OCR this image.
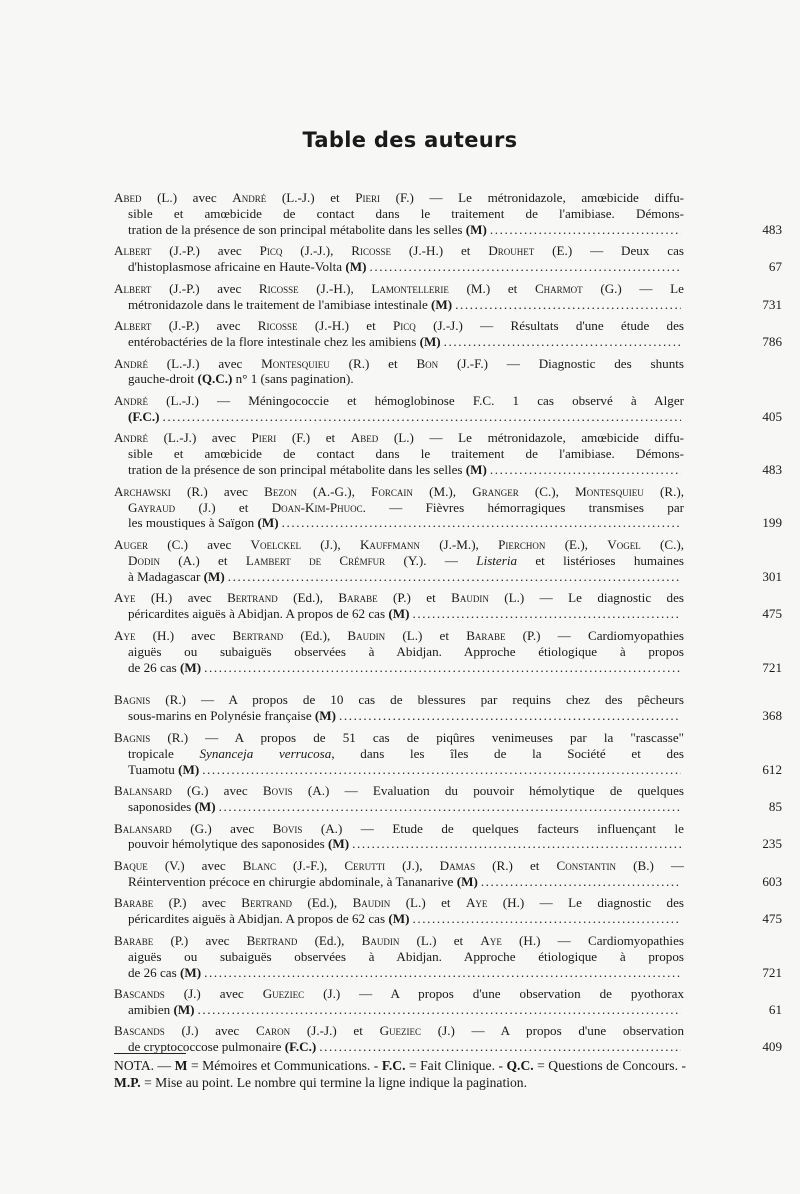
Table des auteurs
Abed (L.) avec André (L.-J.) et Pieri (F.) — Le métronidazole, amœbicide diffu-
sible et amœbicide de contact dans le traitement de l'amibiase. Démons-
tration de la présence de son principal métabolite dans les selles (M) .....	483
Albert (J.-P.) avec Picq (J.-J.), Ricosse (J.-H.) et Drouhet (E.) — Deux cas
d'histoplasmose africaine en Haute-Volta (M) .....	67
Albert (J.-P.) avec Ricosse (J.-H.), Lamontellerie (M.) et Charmot (G.) — Le
métronidazole dans le traitement de l'amibiase intestinale (M) .....	731
Albert (J.-P.) avec Ricosse (J.-H.) et Picq (J.-J.) — Résultats d'une étude des
entérobactéries de la flore intestinale chez les amibiens (M) .....	786
André (L.-J.) avec Montesquieu (R.) et Bon (J.-F.) — Diagnostic des shunts
gauche-droit (Q.C.) n° 1 (sans pagination).
André (L.-J.) — Méningococcie et hémoglobinose F.C. 1 cas observé à Alger
(F.C.) .....	405
André (L.-J.) avec Pieri (F.) et Abed (L.) — Le métronidazole, amœbicide diffu-
sible et amœbicide de contact dans le traitement de l'amibiase. Démons-
tration de la présence de son principal métabolite dans les selles (M) .....	483
Archawski (R.) avec Bezon (A.-G.), Forcain (M.), Granger (C.), Montesquieu (R.),
Gayraud (J.) et Doan-Kim-Phuoc. — Fièvres hémorragiques transmises par
les moustiques à Saïgon (M) .....	199
Auger (C.) avec Voelckel (J.), Kauffmann (J.-M.), Pierchon (E.), Vogel (C.),
Dodin (A.) et Lambert de Crémfur (Y.). — Listeria et listérioses humaines
à Madagascar (M) .....	301
Aye (H.) avec Bertrand (Ed.), Barabe (P.) et Baudin (L.) — Le diagnostic des
péricardites aiguës à Abidjan. A propos de 62 cas (M) .....	475
Aye (H.) avec Bertrand (Ed.), Baudin (L.) et Barabe (P.) — Cardiomyopathies
aiguës ou subaiguës observées à Abidjan. Approche étiologique à propos
de 26 cas (M) .....	721
Bagnis (R.) — A propos de 10 cas de blessures par requins chez des pêcheurs
sous-marins en Polynésie française (M) .....	368
Bagnis (R.) — A propos de 51 cas de piqûres venimeuses par la "rascasse"
tropicale Synanceja verrucosa, dans les îles de la Société et des
Tuamotu (M) .....	612
Balansard (G.) avec Bovis (A.) — Evaluation du pouvoir hémolytique de quelques
saponosides (M) .....	85
Balansard (G.) avec Bovis (A.) — Etude de quelques facteurs influençant le
pouvoir hémolytique des saponosides (M) .....	235
Baque (V.) avec Blanc (J.-F.), Cerutti (J.), Damas (R.) et Constantin (B.) —
Réintervention précoce en chirurgie abdominale, à Tananarive (M) .....	603
Barabe (P.) avec Bertrand (Ed.), Baudin (L.) et Aye (H.) — Le diagnostic des
péricardites aiguës à Abidjan. A propos de 62 cas (M) .....	475
Barabe (P.) avec Bertrand (Ed.), Baudin (L.) et Aye (H.) — Cardiomyopathies
aiguës ou subaiguës observées à Abidjan. Approche étiologique à propos
de 26 cas (M) .....	721
Bascands (J.) avec Gueziec (J.) — A propos d'une observation de pyothorax
amibien (M) .....	61
Bascands (J.) avec Caron (J.-J.) et Gueziec (J.) — A propos d'une observation
de cryptococcose pulmonaire (F.C.) .....	409
NOTA. — M = Mémoires et Communications. - F.C. = Fait Clinique. - Q.C. = Questions de Concours. - M.P. = Mise au point. Le nombre qui termine la ligne indique la pagination.
